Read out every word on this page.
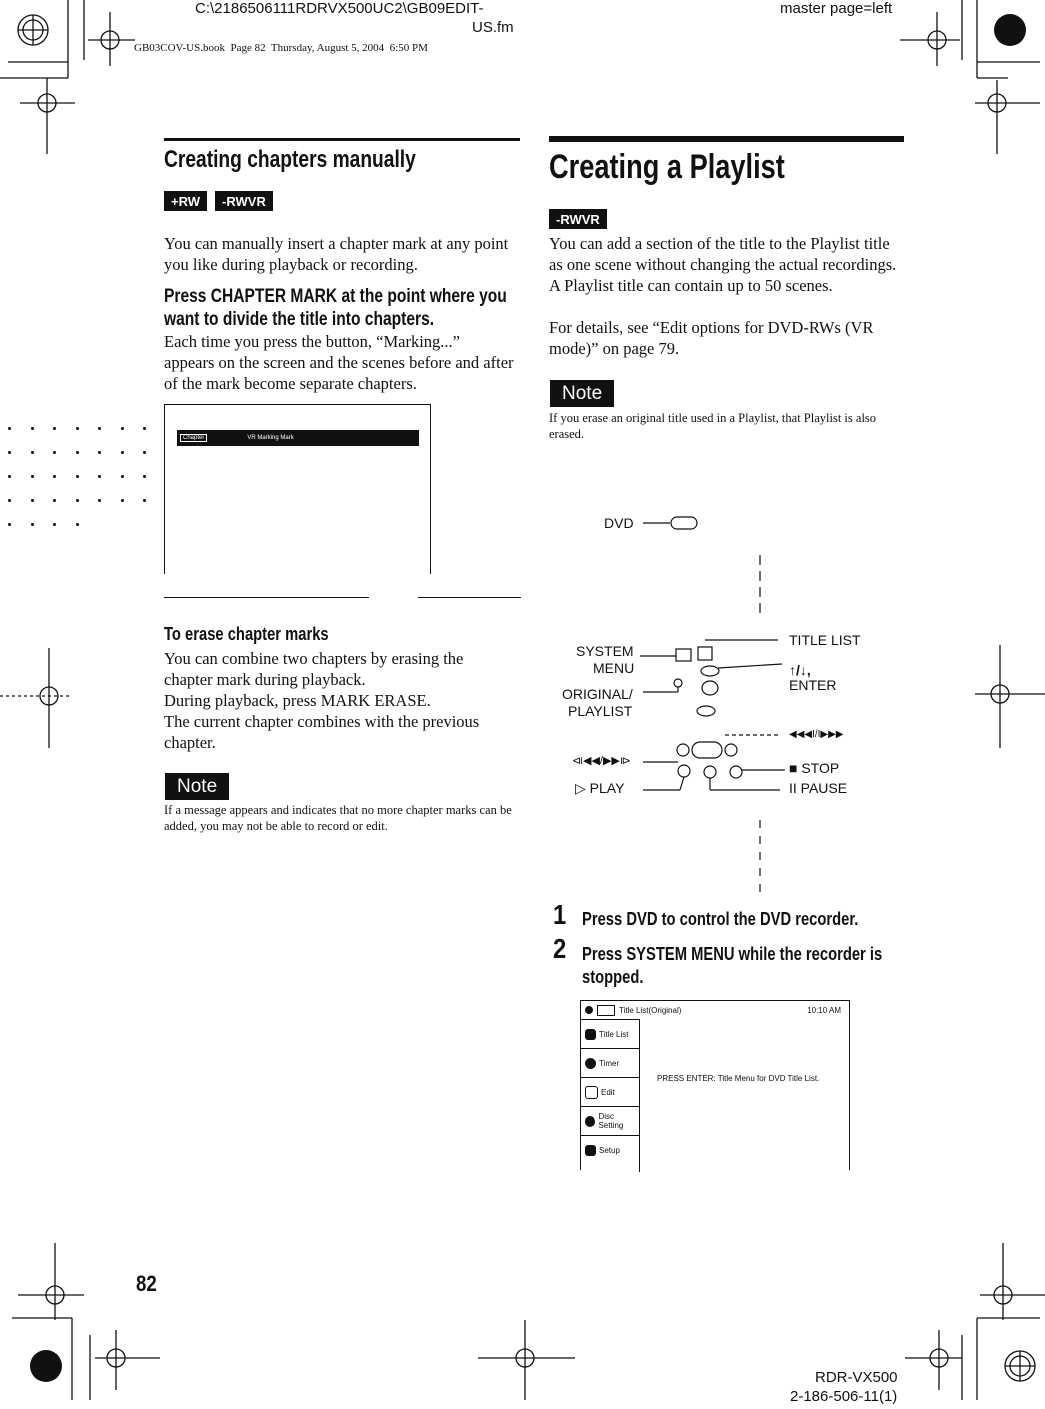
C:\2186506111RDRVX500UC2\GB09EDIT-
US.fm
GB03COV-US.book  Page 82  Thursday, August 5, 2004  6:50 PM
master page=left
Creating chapters manually
+RW	-RWVR
You can manually insert a chapter mark at any point you like during playback or recording.
Press CHAPTER MARK at the point where you want to divide the title into chapters.
Each time you press the button, “Marking...” appears on the screen and the scenes before and after of the mark become separate chapters.
Chapter	VR Marking Mark
To erase chapter marks
You can combine two chapters by erasing the chapter mark during playback.
During playback, press MARK ERASE.
The current chapter combines with the previous chapter.
Note
If a message appears and indicates that no more chapter marks can be added, you may not be able to record or edit.
Creating a Playlist
-RWVR
You can add a section of the title to the Playlist title as one scene without changing the actual recordings. A Playlist title can contain up to 50 scenes.
For details, see “Edit options for DVD-RWs (VR mode)” on page 79.
Note
If you erase an original title used in a Playlist, that Playlist is also erased.
DVD
SYSTEM
MENU
ORIGINAL/
PLAYLIST
⧏◀◀/▶▶⧐
▷ PLAY
TITLE LIST
↑/↓,
ENTER
◀◀◀I/I▶▶▶
■ STOP
II PAUSE
1 Press DVD to control the DVD recorder.
2 Press SYSTEM MENU while the recorder is stopped.
Title List(Original)	10:10 AM
Title List
Timer
Edit
Disc Setting
Setup
PRESS ENTER: Title Menu for DVD Title List.
82
RDR-VX500
2-186-506-11(1)
